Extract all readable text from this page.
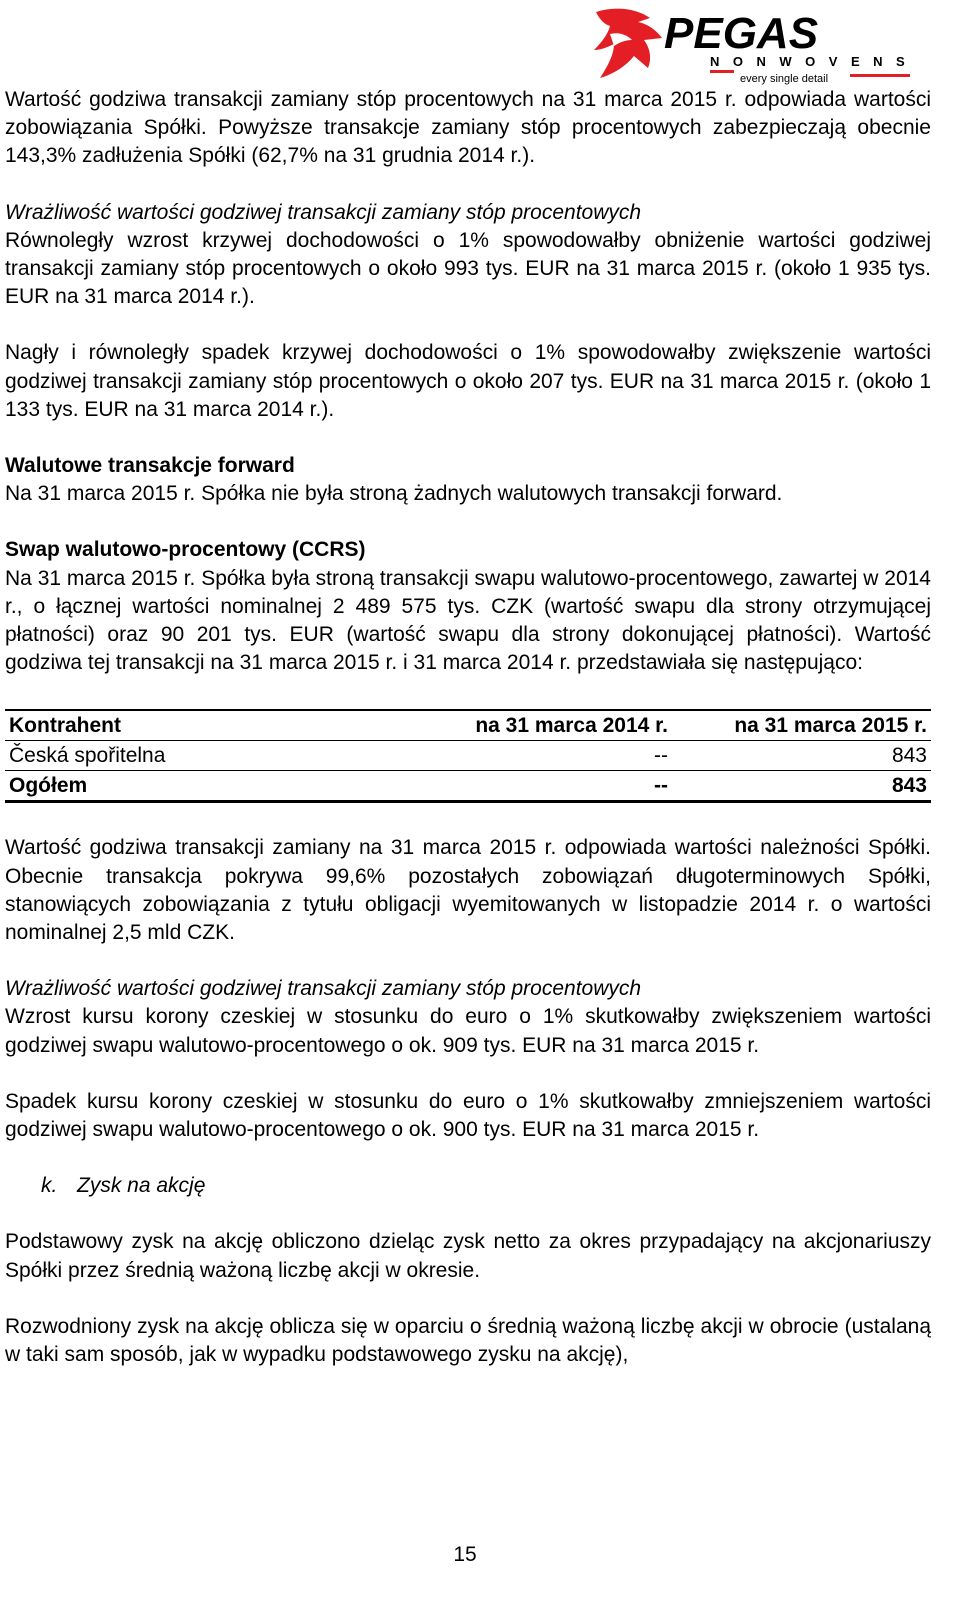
PEGAS
NONWOVENS
every single detail

Wartość godziwa transakcji zamiany stóp procentowych na 31 marca 2015 r. odpowiada wartości zobowiązania Spółki. Powyższe transakcje zamiany stóp procentowych zabezpieczają obecnie 143,3% zadłużenia Spółki (62,7% na 31 grudnia 2014 r.).

Wrażliwość wartości godziwej transakcji zamiany stóp procentowych

Równoległy wzrost krzywej dochodowości o 1% spowodowałby obniżenie wartości godziwej transakcji zamiany stóp procentowych o około 993 tys. EUR na 31 marca 2015 r. (około 1 935 tys. EUR na 31 marca 2014 r.).

Nagły i równoległy spadek krzywej dochodowości o 1% spowodowałby zwiększenie wartości godziwej transakcji zamiany stóp procentowych o około 207 tys. EUR na 31 marca 2015 r. (około 1 133 tys. EUR na 31 marca 2014 r.).

Walutowe transakcje forward

Na 31 marca 2015 r. Spółka nie była stroną żadnych walutowych transakcji forward.

Swap walutowo-procentowy (CCRS)

Na 31 marca 2015 r. Spółka była stroną transakcji swapu walutowo-procentowego, zawartej w 2014 r., o łącznej wartości nominalnej 2 489 575 tys. CZK (wartość swapu dla strony otrzymującej płatności) oraz 90 201 tys. EUR (wartość swapu dla strony dokonującej płatności). Wartość godziwa tej transakcji na 31 marca 2015 r. i 31 marca 2014 r. przedstawiała się następująco:

Kontrahent	na 31 marca 2014 r.	na 31 marca 2015 r.
Česká spořitelna	--	843
Ogółem	--	843

Wartość godziwa transakcji zamiany na 31 marca 2015 r. odpowiada wartości należności Spółki. Obecnie transakcja pokrywa 99,6% pozostałych zobowiązań długoterminowych Spółki, stanowiących zobowiązania z tytułu obligacji wyemitowanych w listopadzie 2014 r. o wartości nominalnej 2,5 mld CZK.

Wrażliwość wartości godziwej transakcji zamiany stóp procentowych

Wzrost kursu korony czeskiej w stosunku do euro o 1% skutkowałby zwiększeniem wartości godziwej swapu walutowo-procentowego o ok. 909 tys. EUR na 31 marca 2015 r.

Spadek kursu korony czeskiej w stosunku do euro o 1% skutkowałby zmniejszeniem wartości godziwej swapu walutowo-procentowego o ok. 900 tys. EUR na 31 marca 2015 r.

k. Zysk na akcję

Podstawowy zysk na akcję obliczono dzieląc zysk netto za okres przypadający na akcjonariuszy Spółki przez średnią ważoną liczbę akcji w okresie.

Rozwodniony zysk na akcję oblicza się w oparciu o średnią ważoną liczbę akcji w obrocie (ustalaną w taki sam sposób, jak w wypadku podstawowego zysku na akcję),

15
